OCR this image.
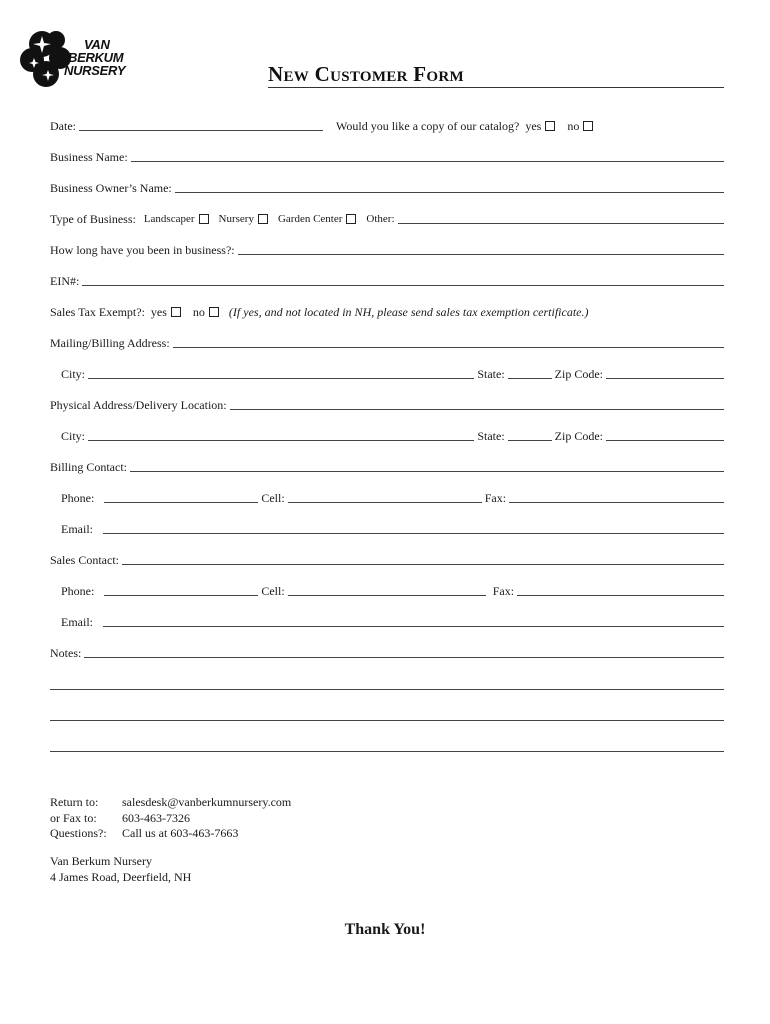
VAN
BERKUM
NURSERY	New Customer Form
Date:	Would you like a copy of our catalog? yes no
Business Name:
Business Owner’s Name:
Type of Business: Landscaper Nursery Garden Center Other:
How long have you been in business?:
EIN#:
Sales Tax Exempt?: yes no (If yes, and not located in NH, please send sales tax exemption certificate.)
Mailing/Billing Address:
City:	State:	Zip Code:
Physical Address/Delivery Location:
City:	State:	Zip Code:
Billing Contact:
Phone:	Cell:	Fax:
Email:
Sales Contact:
Phone:	Cell:	Fax:
Email:
Notes:
Return to:	salesdesk@vanberkumnursery.com
or Fax to:	603-463-7326
Questions?:	Call us at 603-463-7663
Van Berkum Nursery
4 James Road, Deerfield, NH
Thank You!
